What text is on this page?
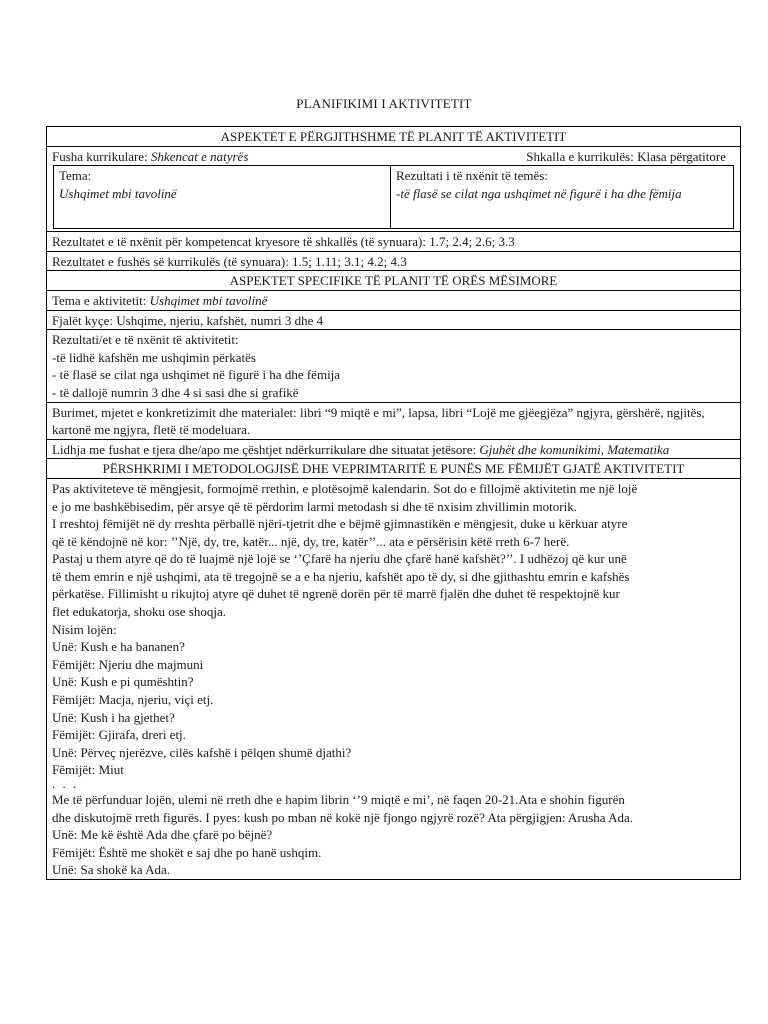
PLANIFIKIMI I AKTIVITETIT
ASPEKTET E PËRGJITHSHME TË PLANIT TË AKTIVITETIT
Fusha kurrikulare: Shkencat e natyrës	Shkalla e kurrikulës: Klasa përgatitore
Tema:
Ushqimet mbi tavolinë
Rezultati i të nxënit të temës:
-të flasë se cilat nga ushqimet në figurë i ha dhe fëmija
Rezultatet e të nxënit për kompetencat kryesore të shkallës (të synuara): 1.7; 2.4; 2.6; 3.3
Rezultatet e fushës së kurrikulës (të synuara): 1.5; 1.11; 3.1; 4.2; 4.3
ASPEKTET SPECIFIKE TË PLANIT TË ORËS MËSIMORE
Tema e aktivitetit: Ushqimet mbi tavolinë
Fjalët kyçe: Ushqime, njeriu, kafshët, numri 3 dhe 4
Rezultati/et e të nxënit të aktivitetit:
-të lidhë kafshën me ushqimin përkatës
- të flasë se cilat nga ushqimet në figurë i ha dhe fëmija
- të dallojë numrin 3 dhe 4 si sasi dhe si grafikë
Burimet, mjetet e konkretizimit dhe materialet: libri “9 miqtë e mi”, lapsa, libri “Lojë me gjëegjëza” ngjyra, gërshërë, ngjitës, kartonë me ngjyra, fletë të modeluara.
Lidhja me fushat e tjera dhe/apo me çështjet ndërkurrikulare dhe situatat jetësore: Gjuhët dhe komunikimi, Matematika
PËRSHKRIMI I METODOLOGJISË DHE VEPRIMTARITË E PUNËS ME FËMIJËT GJATË AKTIVITETIT
Pas aktiviteteve të mëngjesit, formojmë rrethin, e plotësojmë kalendarin. Sot do e fillojmë aktivitetin me një lojë
e jo me bashkëbisedim, për arsye që të përdorim larmi metodash si dhe të nxisim zhvillimin motorik.
I rreshtoj fëmijët në dy rreshta përballë njëri-tjetrit dhe e bëjmë gjimnastikën e mëngjesit, duke u kërkuar atyre
që të këndojnë në kor: ’’Një, dy, tre, katër... një, dy, tre, katër’’... ata e përsërisin këtë rreth 6-7 herë.
Pastaj u them atyre që do të luajmë një lojë se ‘’Çfarë ha njeriu dhe çfarë hanë kafshët?’’. I udhëzoj që kur unë
të them emrin e një ushqimi, ata të tregojnë se a e ha njeriu, kafshët apo të dy, si dhe gjithashtu emrin e kafshës
përkatëse. Fillimisht u rikujtoj atyre që duhet të ngrenë dorën për të marrë fjalën dhe duhet të respektojnë kur
flet edukatorja, shoku ose shoqja.
Nisim lojën:
Unë: Kush e ha bananen?
Fëmijët: Njeriu dhe majmuni
Unë: Kush e pi qumështin?
Fëmijët: Macja, njeriu, viçi etj.
Unë: Kush i ha gjethet?
Fëmijët: Gjirafa, dreri etj.
Unë: Përveç njerëzve, cilës kafshë i pëlqen shumë djathi?
Fëmijët: Miut
. . .
Me të përfunduar lojën, ulemi në rreth dhe e hapim librin ‘’9 miqtë e mi’, në faqen 20-21.Ata e shohin figurën
dhe diskutojmë rreth figurës. I pyes: kush po mban në kokë një fjongo ngjyrë rozë? Ata përgjigjen: Arusha Ada.
Unë: Me kë është Ada dhe çfarë po bëjnë?
Fëmijët: Është me shokët e saj dhe po hanë ushqim.
Unë: Sa shokë ka Ada.
